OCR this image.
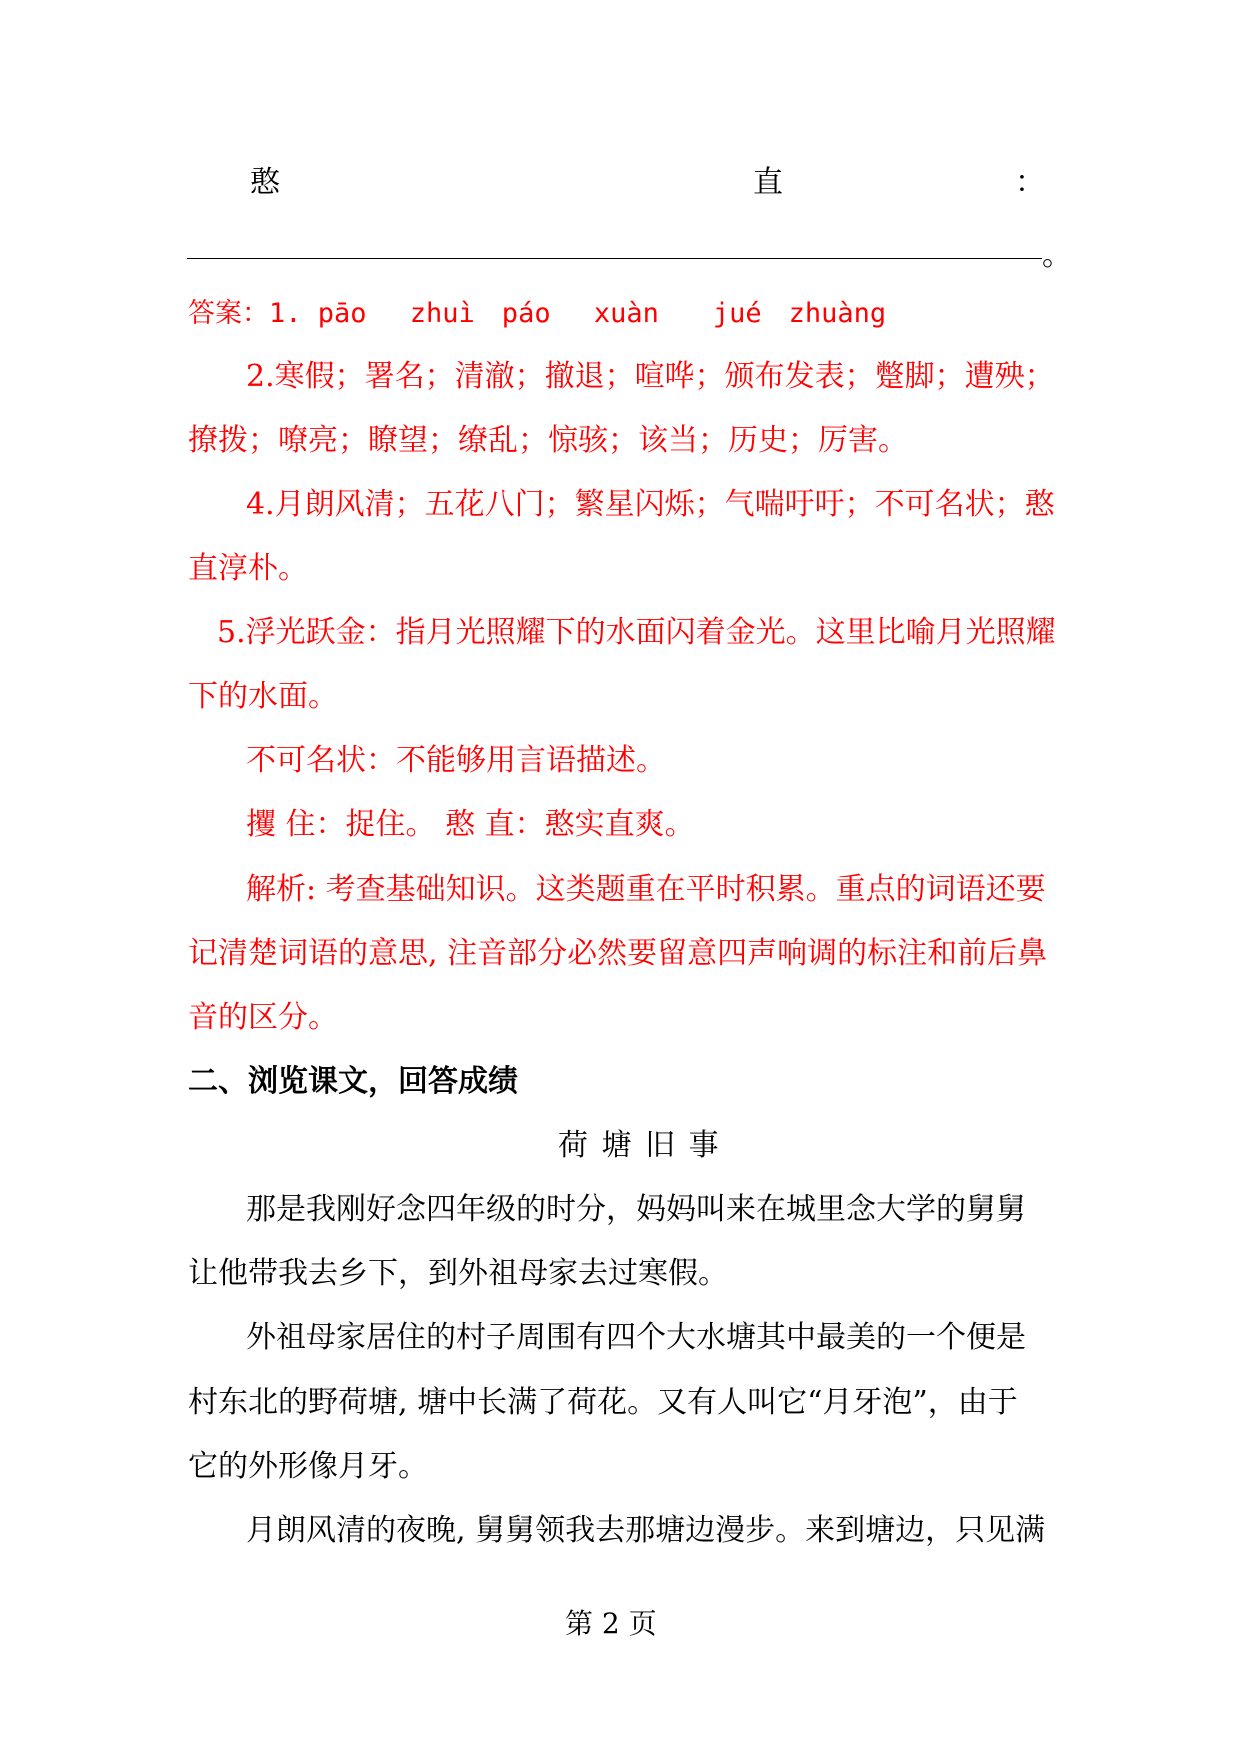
憨	直	：
。
答案：1. pāo　 zhuì　páo　 xuàn　　jué　zhuàng
2.寒假；署名；清澈；撤退；喧哗；颁布发表；蹩脚；遭殃；
撩拨；嘹亮；瞭望；缭乱；惊骇；该当；历史；厉害。
4.月朗风清；五花八门；繁星闪烁；气喘吁吁；不可名状；憨
直淳朴。
5.浮光跃金：指月光照耀下的水面闪着金光。这里比喻月光照耀
下的水面。
不可名状：不能够用言语描述。
攫 住：捉住。 憨 直：憨实直爽。
解析: 考查基础知识。这类题重在平时积累。重点的词语还要
记清楚词语的意思, 注音部分必然要留意四声响调的标注和前后鼻
音的区分。
二、浏览课文，回答成绩
荷 塘 旧 事
那是我刚好念四年级的时分，妈妈叫来在城里念大学的舅舅
让他带我去乡下，到外祖母家去过寒假。
外祖母家居住的村子周围有四个大水塘其中最美的一个便是
村东北的野荷塘, 塘中长满了荷花。又有人叫它“月牙泡”，由于
它的外形像月牙。
月朗风清的夜晚, 舅舅领我去那塘边漫步。来到塘边，只见满
第 2 页
